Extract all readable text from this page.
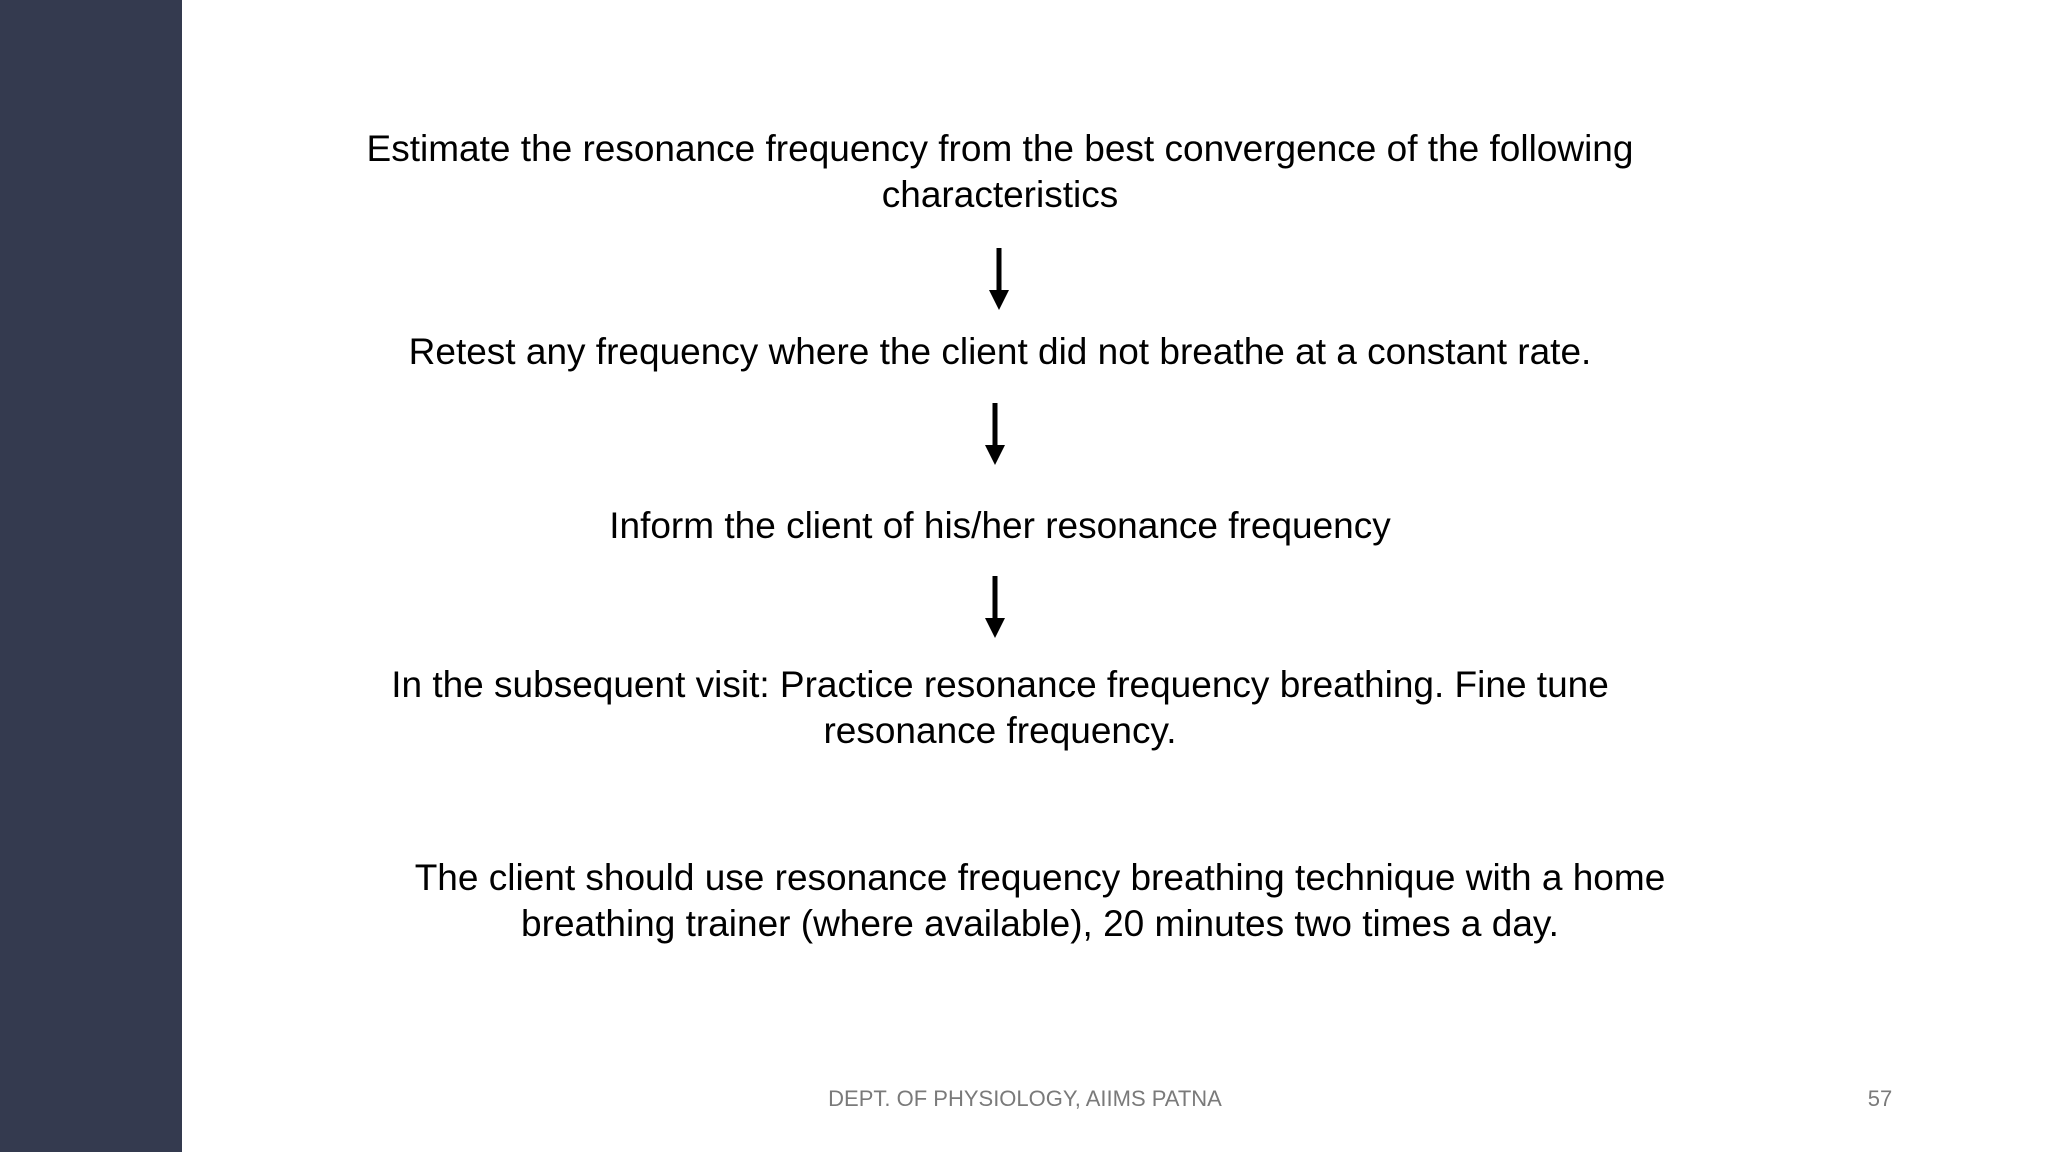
Estimate the resonance frequency from the best convergence of the following
characteristics
Retest any frequency where the client did not breathe at a constant rate.
Inform the client of his/her resonance frequency
In the subsequent visit: Practice resonance frequency breathing. Fine tune
resonance frequency.
The client should use resonance frequency breathing technique with a home
breathing trainer (where available), 20 minutes two times a day.
DEPT. OF PHYSIOLOGY, AIIMS PATNA	57
